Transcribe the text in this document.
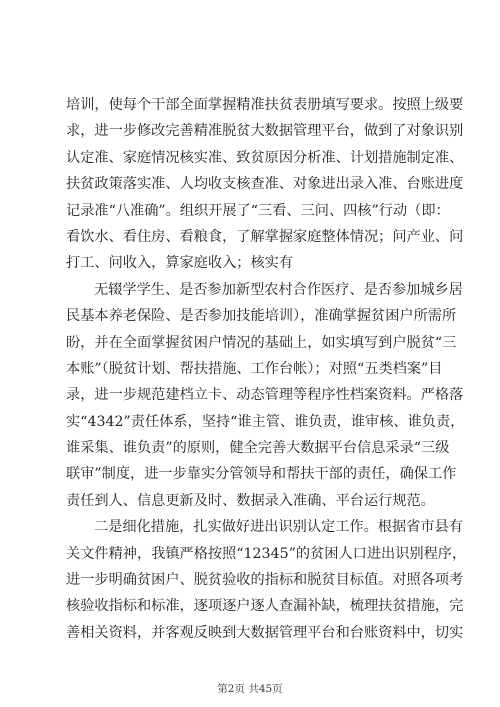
培训，使每个干部全面掌握精准扶贫表册填写要求。按照上级要
求，进一步修改完善精准脱贫大数据管理平台，做到了对象识别
认定准、家庭情况核实准、致贫原因分析准、计划措施制定准、
扶贫政策落实准、人均收支核查准、对象进出录入准、台账进度
记录准“八准确”。组织开展了“三看、三问、四核”行动（即：
看饮水、看住房、看粮食，了解掌握家庭整体情况；问产业、问
打工、问收入，算家庭收入；核实有
无辍学学生、是否参加新型农村合作医疗、是否参加城乡居
民基本养老保险、是否参加技能培训），准确掌握贫困户所需所
盼，并在全面掌握贫困户情况的基础上，如实填写到户脱贫“三
本账”（脱贫计划、帮扶措施、工作台帐）；对照“五类档案”目
录，进一步规范建档立卡、动态管理等程序性档案资料。严格落
实“4342”责任体系，坚持“谁主管、谁负责，谁审核、谁负责，
谁采集、谁负责”的原则，健全完善大数据平台信息采录“三级
联审”制度，进一步靠实分管领导和帮扶干部的责任，确保工作
责任到人、信息更新及时、数据录入准确、平台运行规范。
二是细化措施，扎实做好进出识别认定工作。根据省市县有
关文件精神，我镇严格按照“12345”的贫困人口进出识别程序，
进一步明确贫困户、脱贫验收的指标和脱贫目标值。对照各项考
核验收指标和标准，逐项逐户逐人查漏补缺，梳理扶贫措施，完
善相关资料，并客观反映到大数据管理平台和台账资料中，切实
第2页 共45页
